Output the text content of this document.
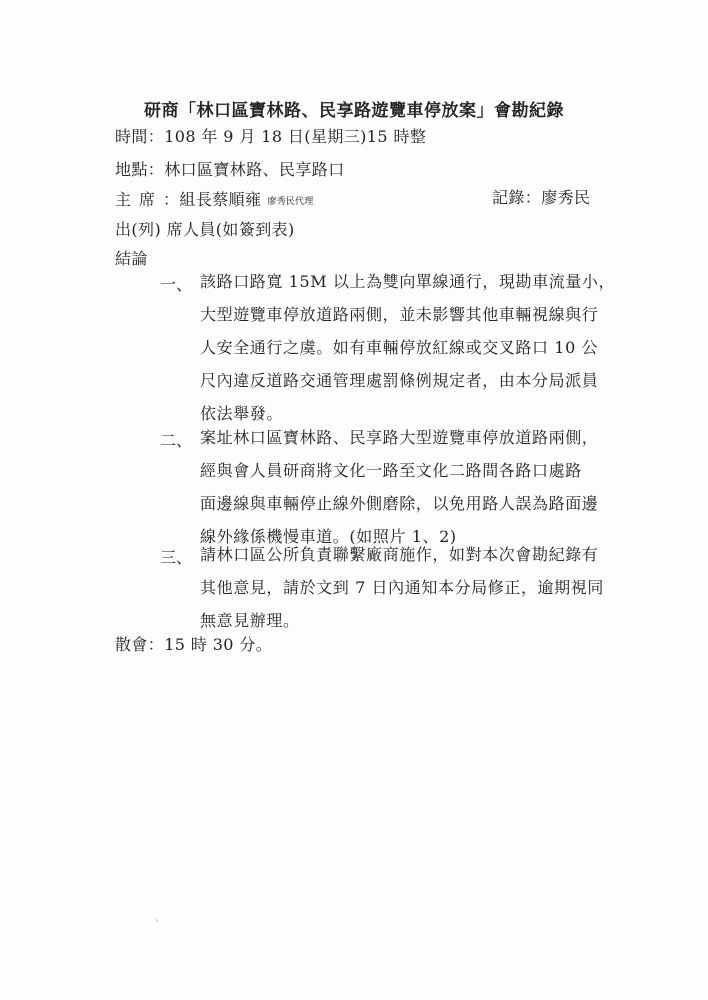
研商「林口區寶林路、民享路遊覽車停放案」會勘紀錄
時間：108 年 9 月 18 日(星期三)15 時整
地點：林口區寶林路、民享路口
主席：組長蔡順雍 廖秀民代理	記錄：廖秀民
出(列) 席人員(如簽到表)
結論
一、 該路口路寬 15M 以上為雙向單線通行，現勘車流量小，
大型遊覽車停放道路兩側，並未影響其他車輛視線與行
人安全通行之虞。如有車輛停放紅線或交叉路口 10 公
尺內違反道路交通管理處罰條例規定者，由本分局派員
依法舉發。
二、 案址林口區寶林路、民享路大型遊覽車停放道路兩側，
經與會人員研商將文化一路至文化二路間各路口處路
面邊線與車輛停止線外側磨除，以免用路人誤為路面邊
線外緣係機慢車道。(如照片 1、2)
三、 請林口區公所負責聯繫廠商施作，如對本次會勘紀錄有
其他意見，請於文到 7 日內通知本分局修正，逾期視同
無意見辦理。
散會：15 時 30 分。
ˋ
